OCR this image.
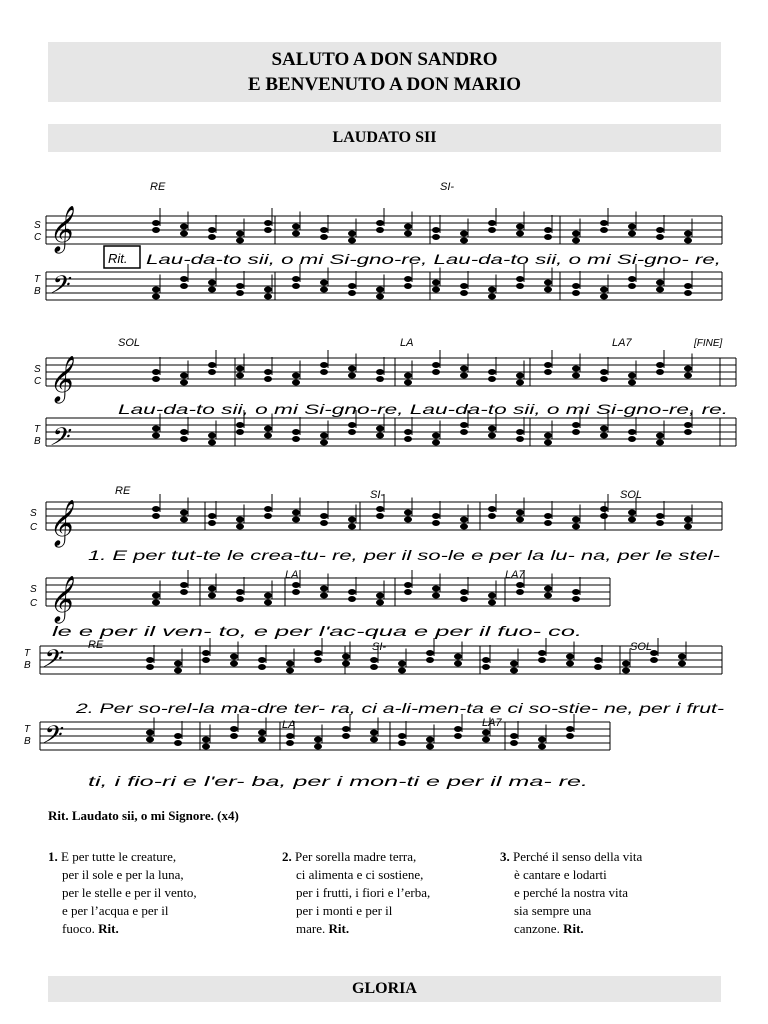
SALUTO A DON SANDRO
E BENVENUTO A DON MARIO
LAUDATO SII
RE	SI-
SOL	LA	LA7	[FINE]
RE	SI-	SOL
LA	LA7
RE	SI-	SOL
LA	LA7
Rit. Lau-da-to sii, o mi Si-gno-re, Lau-da-to sii, o mi Si-gno- re,
Lau-da-to sii, o mi Si-gno-re, Lau-da-to sii, o mi Si-gno-re, re.
1. E per tut-te le crea-tu- re, per il so-le e per la lu- na, per le stel-
le e per il ven- to, e per l'ac-qua e per il fuo- co.
2. Per so-rel-la ma-dre ter- ra, ci a-li-men-ta e ci so-stie- ne, per i frut-
ti, i fio-ri e l'er- ba, per i mon-ti e per il ma- re.
S
C
T
B
S
C
T
B
S
C
S
C
T
B
T
B
𝄞
𝄢
𝄞
𝄢
𝄞
𝄞
𝄢
𝄢
Rit. Laudato sii, o mi Signore. (x4)
1. E per tutte le creature,
per il sole e per la luna,
per le stelle e per il vento,
e per l’acqua e per il
fuoco. Rit.
2. Per sorella madre terra,
ci alimenta e ci sostiene,
per i frutti, i fiori e l’erba,
per i monti e per il
mare. Rit.
3. Perché il senso della vita
è cantare e lodarti
e perché la nostra vita
sia sempre una
canzone. Rit.
GLORIA
